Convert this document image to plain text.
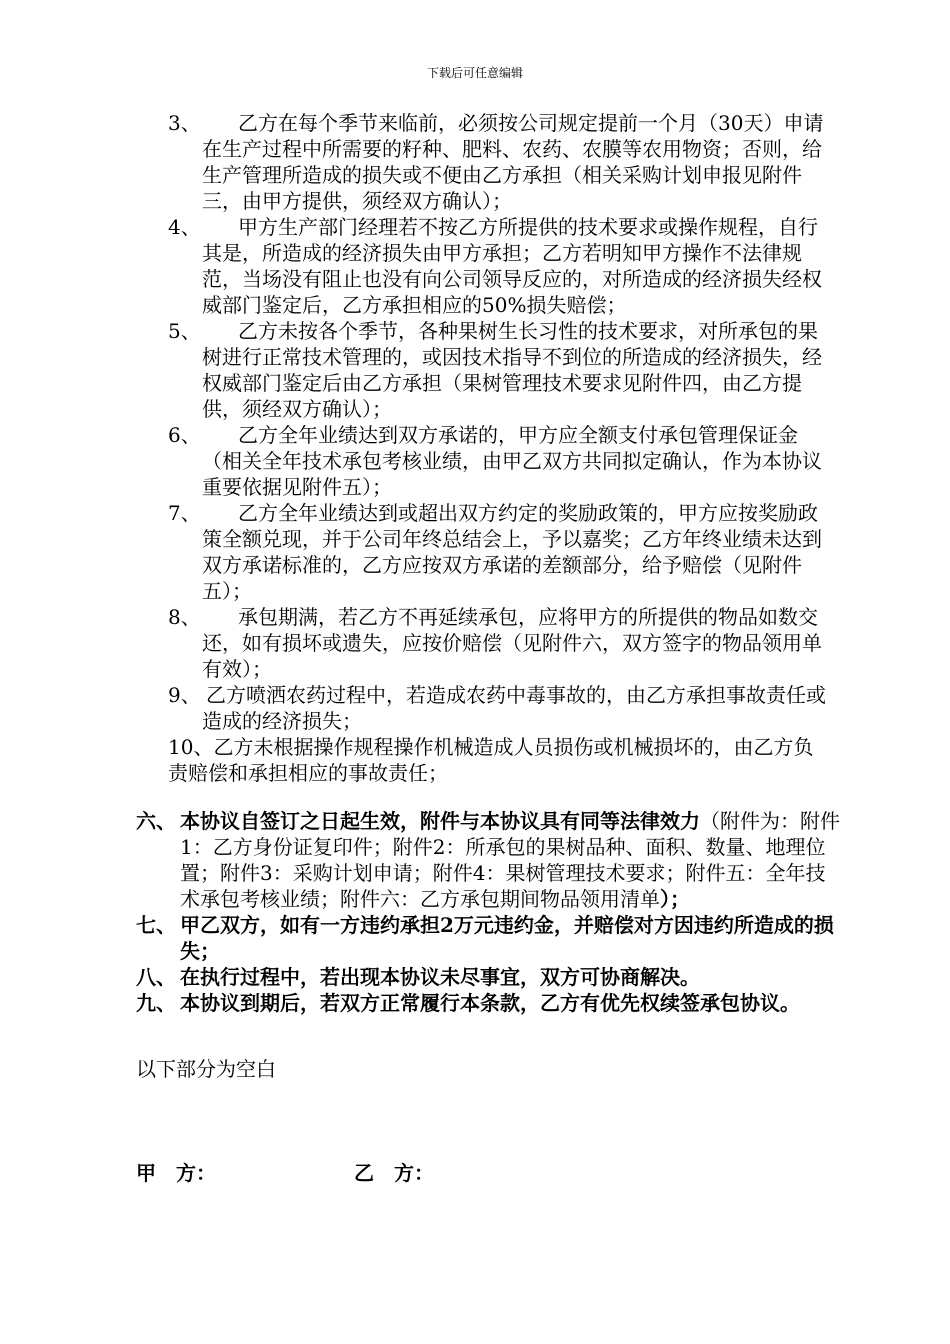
下载后可任意编辑
3、 乙方在每个季节来临前，必须按公司规定提前一个月（30天）申请在生产过程中所需要的籽种、肥料、农药、农膜等农用物资；否则，给生产管理所造成的损失或不便由乙方承担（相关采购计划申报见附件三，由甲方提供，须经双方确认）；
4、 甲方生产部门经理若不按乙方所提供的技术要求或操作规程，自行其是，所造成的经济损失由甲方承担；乙方若明知甲方操作不法律规范，当场没有阻止也没有向公司领导反应的，对所造成的经济损失经权威部门鉴定后，乙方承担相应的50%损失赔偿；
5、 乙方未按各个季节，各种果树生长习性的技术要求，对所承包的果树进行正常技术管理的，或因技术指导不到位的所造成的经济损失，经权威部门鉴定后由乙方承担（果树管理技术要求见附件四，由乙方提供，须经双方确认）；
6、 乙方全年业绩达到双方承诺的，甲方应全额支付承包管理保证金（相关全年技术承包考核业绩，由甲乙双方共同拟定确认，作为本协议重要依据见附件五）；
7、 乙方全年业绩达到或超出双方约定的奖励政策的，甲方应按奖励政策全额兑现，并于公司年终总结会上，予以嘉奖；乙方年终业绩未达到双方承诺标准的，乙方应按双方承诺的差额部分，给予赔偿（见附件五）；
8、 承包期满，若乙方不再延续承包，应将甲方的所提供的物品如数交还，如有损坏或遗失，应按价赔偿（见附件六，双方签字的物品领用单有效）；
9、 乙方喷洒农药过程中，若造成农药中毒事故的，由乙方承担事故责任或造成的经济损失；
10、乙方未根据操作规程操作机械造成人员损伤或机械损坏的，由乙方负责赔偿和承担相应的事故责任；
六、 本协议自签订之日起生效，附件与本协议具有同等法律效力（附件为：附件1：乙方身份证复印件；附件2：所承包的果树品种、面积、数量、地理位置；附件3：采购计划申请；附件4：果树管理技术要求；附件五：全年技术承包考核业绩；附件六：乙方承包期间物品领用清单）；
七、 甲乙双方，如有一方违约承担2万元违约金，并赔偿对方因违约所造成的损失；
八、 在执行过程中，若出现本协议未尽事宜，双方可协商解决。
九、 本协议到期后，若双方正常履行本条款，乙方有优先权续签承包协议。
以下部分为空白
甲　方：	乙　方：
